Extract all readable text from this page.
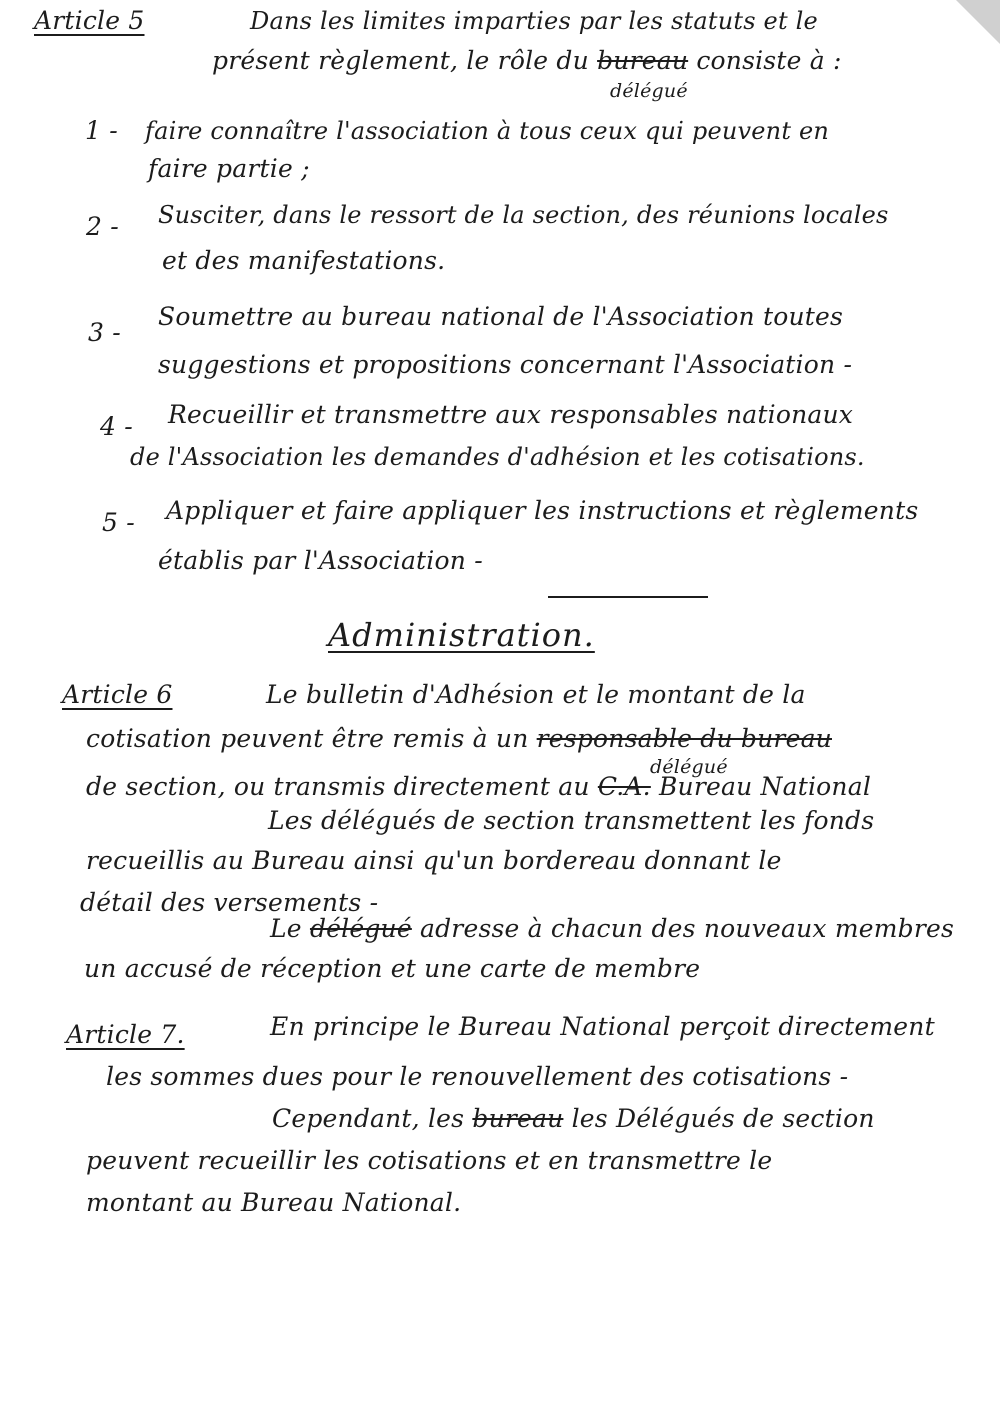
Article 5	Dans les limites imparties par les statuts et le

présent règlement, le rôle du bureau consiste à :

délégué

1 - faire connaître l'association à tous ceux qui peuvent en

faire partie ;

2 - Susciter, dans le ressort de la section, des réunions locales

et des manifestations.

3 -

Soumettre au bureau national de l'Association toutes

suggestions et propositions concernant l'Association -

4 - Recueillir et transmettre aux responsables nationaux

de l'Association les demandes d'adhésion et les cotisations.

5 - Appliquer et faire appliquer les instructions et règlements

établis par l'Association -

Administration.

Article 6	Le bulletin d'Adhésion et le montant de la

cotisation peuvent être remis à un responsable du bureau

délégué

de section, ou transmis directement au C.A. Bureau National

Les délégués de section transmettent les fonds

recueillis au Bureau ainsi qu'un bordereau donnant le

détail des versements -

Le délégué adresse à chacun des nouveaux membres

un accusé de réception et une carte de membre

Article 7.	En principe le Bureau National perçoit directement

les sommes dues pour le renouvellement des cotisations -

Cependant, les bureau les Délégués de section

peuvent recueillir les cotisations et en transmettre le

montant au Bureau National.
